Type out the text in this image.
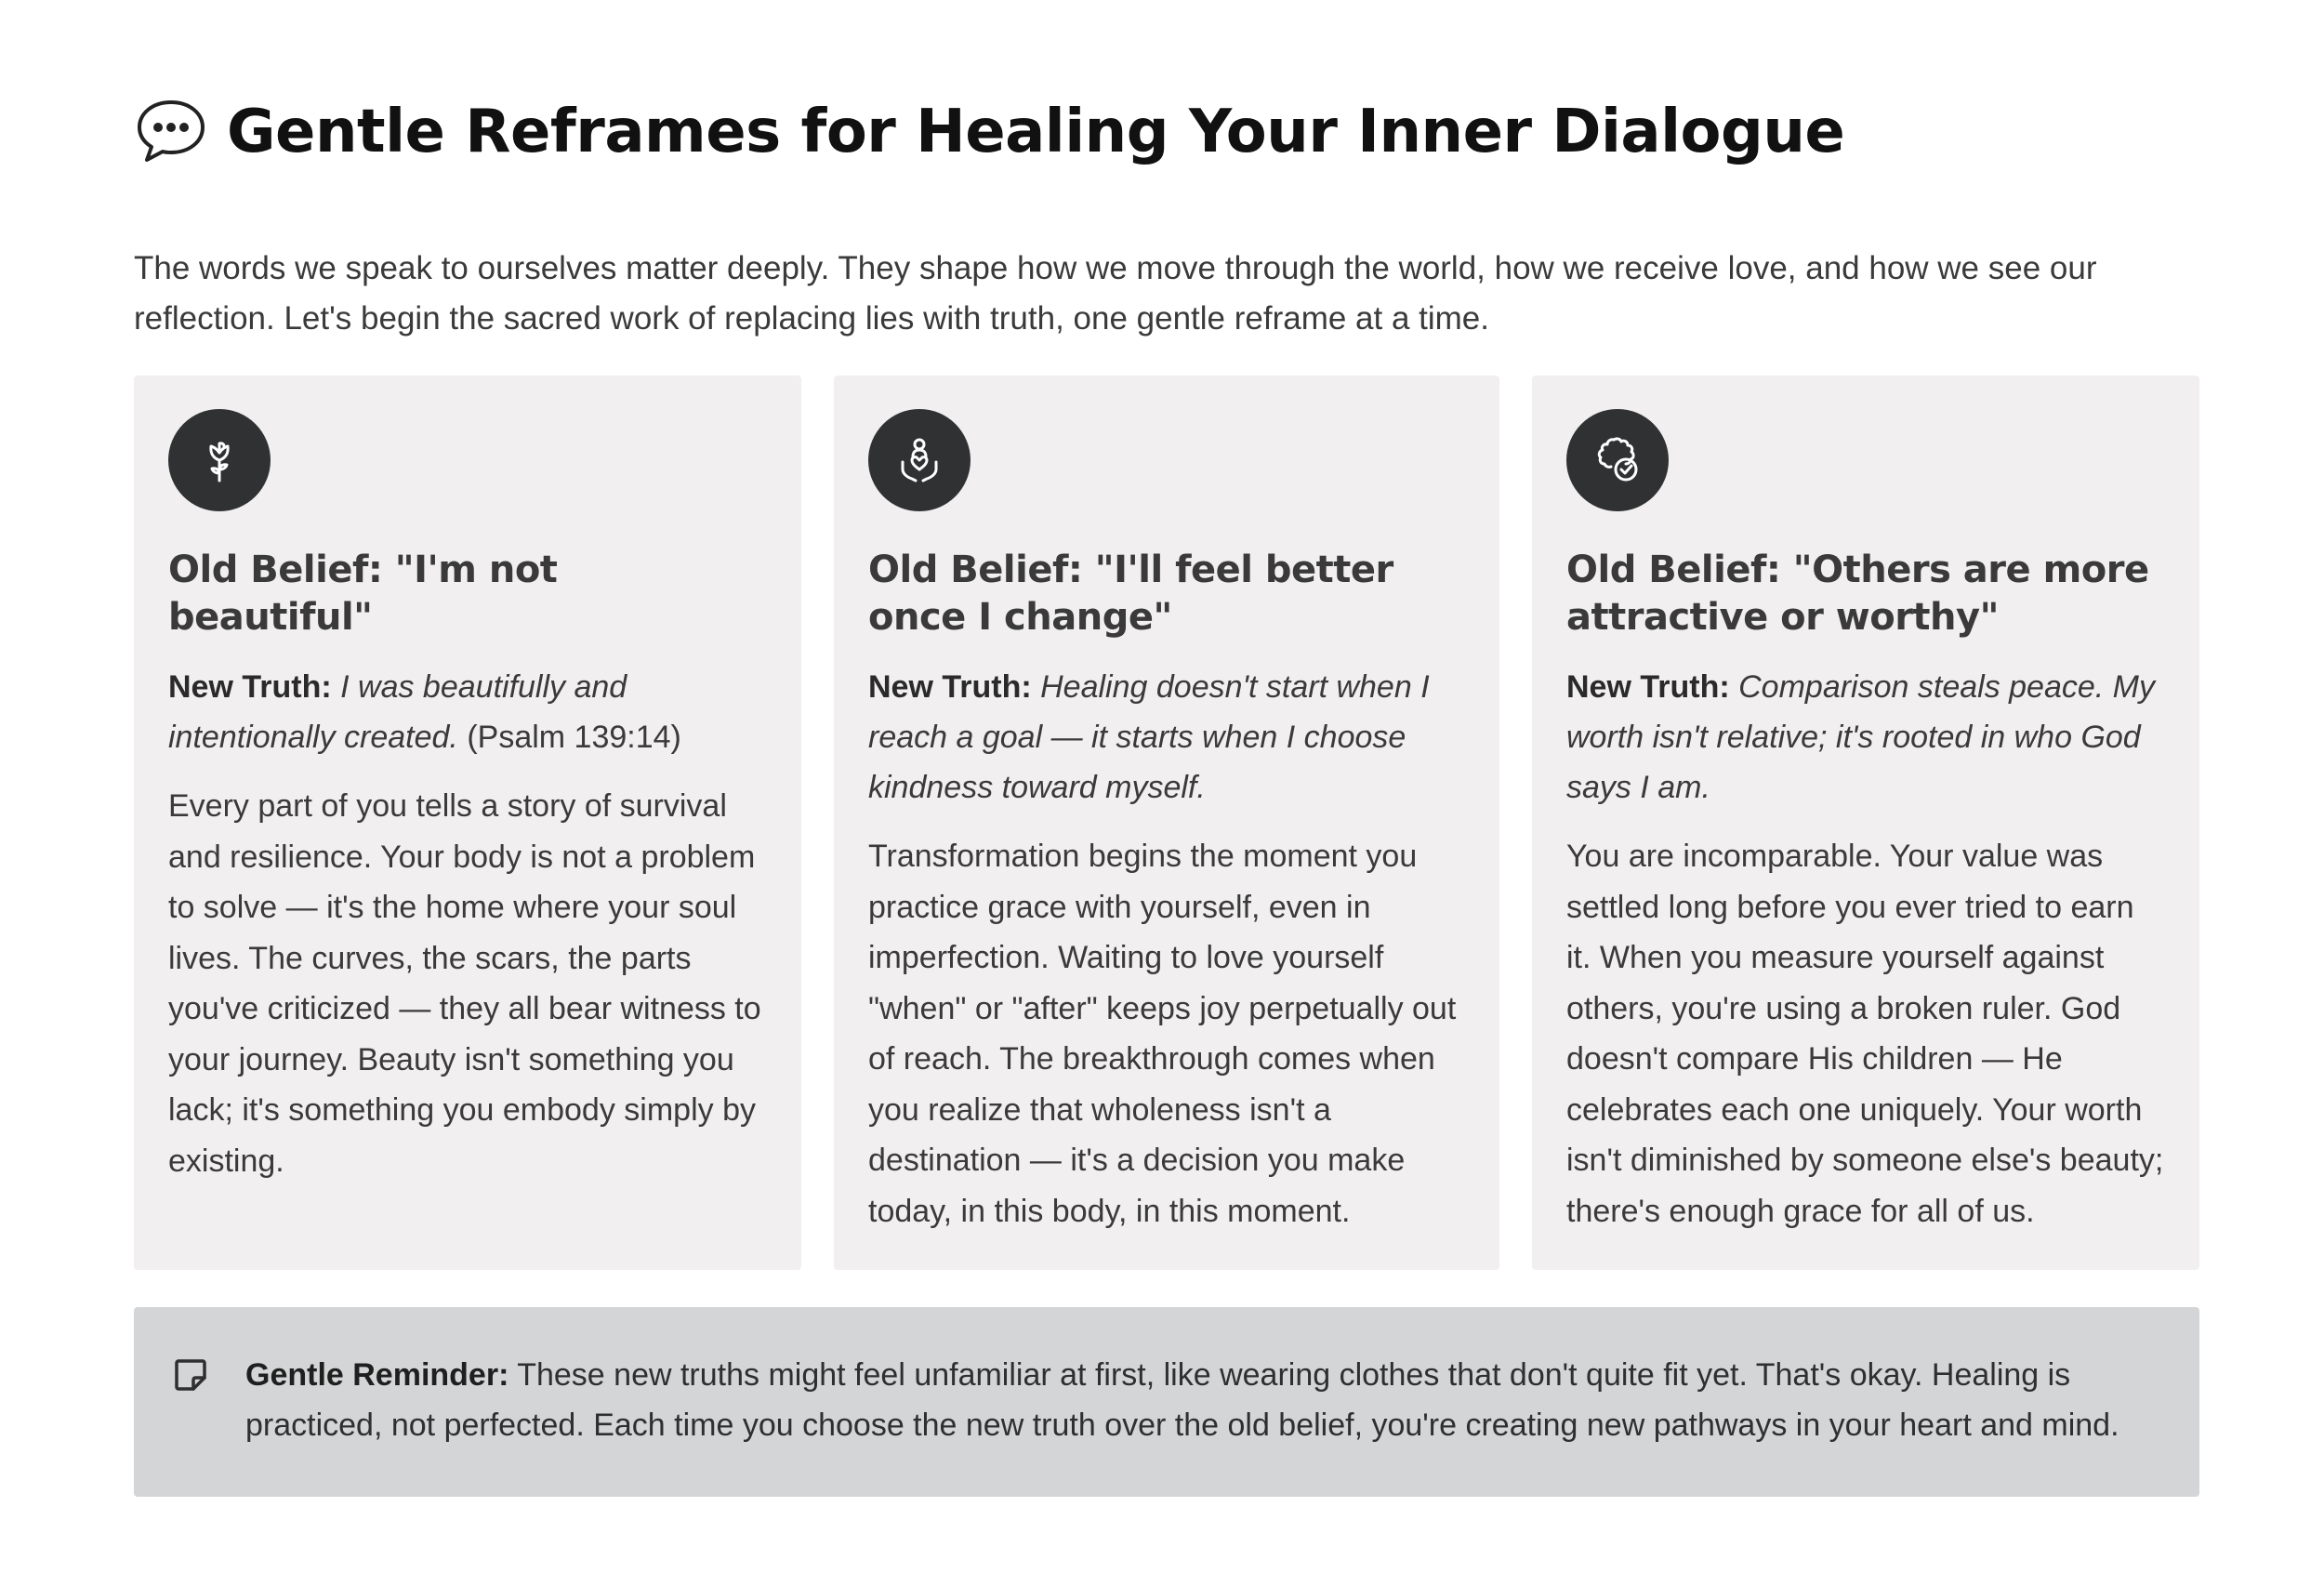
Gentle Reframes for Healing Your Inner Dialogue
The words we speak to ourselves matter deeply. They shape how we move through the world, how we receive love, and how we see our reflection. Let's begin the sacred work of replacing lies with truth, one gentle reframe at a time.
Old Belief: "I'm not beautiful"
New Truth: I was beautifully and intentionally created. (Psalm 139:14)
Every part of you tells a story of survival and resilience. Your body is not a problem to solve — it's the home where your soul lives. The curves, the scars, the parts you've criticized — they all bear witness to your journey. Beauty isn't something you lack; it's something you embody simply by existing.
Old Belief: "I'll feel better once I change"
New Truth: Healing doesn't start when I reach a goal — it starts when I choose kindness toward myself.
Transformation begins the moment you practice grace with yourself, even in imperfection. Waiting to love yourself "when" or "after" keeps joy perpetually out of reach. The breakthrough comes when you realize that wholeness isn't a destination — it's a decision you make today, in this body, in this moment.
Old Belief: "Others are more attractive or worthy"
New Truth: Comparison steals peace. My worth isn't relative; it's rooted in who God says I am.
You are incomparable. Your value was settled long before you ever tried to earn it. When you measure yourself against others, you're using a broken ruler. God doesn't compare His children — He celebrates each one uniquely. Your worth isn't diminished by someone else's beauty; there's enough grace for all of us.
Gentle Reminder: These new truths might feel unfamiliar at first, like wearing clothes that don't quite fit yet. That's okay. Healing is practiced, not perfected. Each time you choose the new truth over the old belief, you're creating new pathways in your heart and mind.
